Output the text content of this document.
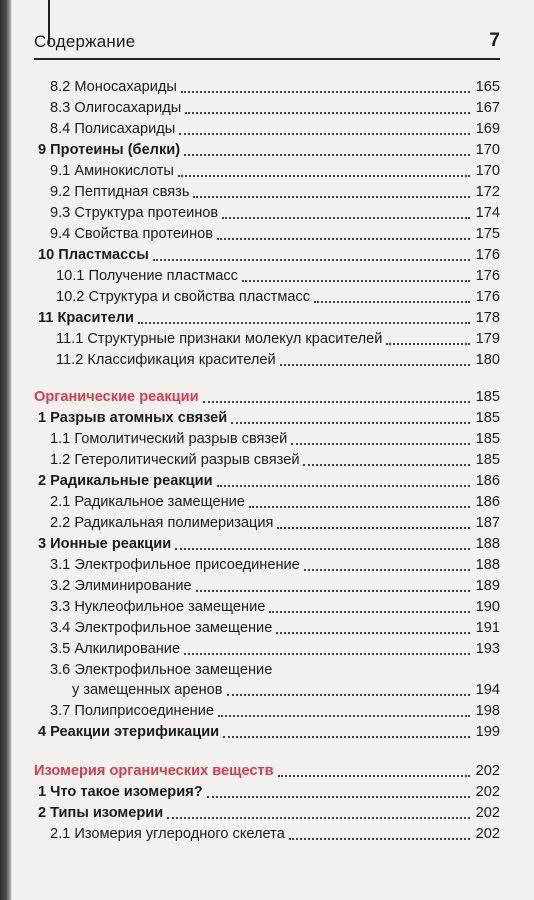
Содержание	7
8.2 Моносахариды	165
8.3 Олигосахариды	167
8.4 Полисахариды	169
9 Протеины (белки)	170
9.1 Аминокислоты	170
9.2 Пептидная связь	172
9.3 Структура протеинов	174
9.4 Свойства протеинов	175
10 Пластмассы	176
10.1 Получение пластмасс	176
10.2 Структура и свойства пластмасс	176
11 Красители	178
11.1 Структурные признаки молекул красителей	179
11.2 Классификация красителей	180
Органические реакции	185
1 Разрыв атомных связей	185
1.1 Гомолитический разрыв связей	185
1.2 Гетеролитический разрыв связей	185
2 Радикальные реакции	186
2.1 Радикальное замещение	186
2.2 Радикальная полимеризация	187
3 Ионные реакции	188
3.1 Электрофильное присоединение	188
3.2 Элиминирование	189
3.3 Нуклеофильное замещение	190
3.4 Электрофильное замещение	191
3.5 Алкилирование	193
3.6 Электрофильное замещение
у замещенных аренов	194
3.7 Полиприсоединение	198
4 Реакции этерификации	199
Изомерия органических веществ	202
1 Что такое изомерия?	202
2 Типы изомерии	202
2.1 Изомерия углеродного скелета	202
